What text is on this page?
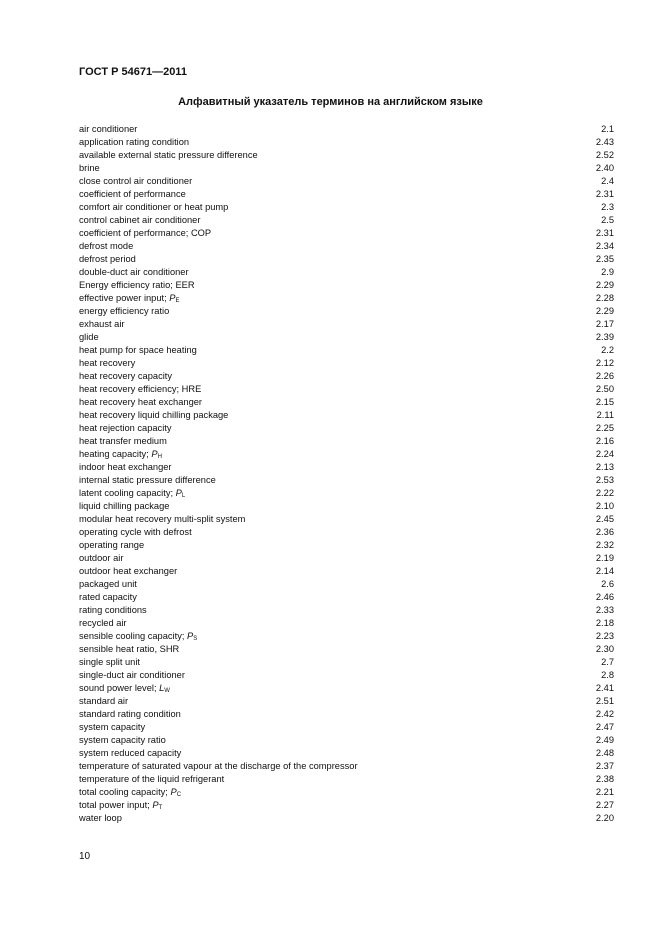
ГОСТ Р 54671—2011
Алфавитный указатель терминов на английском языке
air conditioner	2.1
application rating condition	2.43
available external static pressure difference	2.52
brine	2.40
close control air conditioner	2.4
coefficient of performance	2.31
comfort air conditioner or heat pump	2.3
control cabinet air conditioner	2.5
coefficient of performance; COP	2.31
defrost mode	2.34
defrost period	2.35
double-duct air conditioner	2.9
Energy efficiency ratio; EER	2.29
effective power input; $P_E$	2.28
energy efficiency ratio	2.29
exhaust air	2.17
glide	2.39
heat pump for space heating	2.2
heat recovery	2.12
heat recovery capacity	2.26
heat recovery efficiency; HRE	2.50
heat recovery heat exchanger	2.15
heat recovery liquid chilling package	2.11
heat rejection capacity	2.25
heat transfer medium	2.16
heating capacity; $P_H$	2.24
indoor heat exchanger	2.13
internal static pressure difference	2.53
latent cooling capacity; $P_L$	2.22
liquid chilling package	2.10
modular heat recovery multi-split system	2.45
operating cycle with defrost	2.36
operating range	2.32
outdoor air	2.19
outdoor heat exchanger	2.14
packaged unit	2.6
rated capacity	2.46
rating conditions	2.33
recycled air	2.18
sensible cooling capacity; $P_S$	2.23
sensible heat ratio, SHR	2.30
single split unit	2.7
single-duct air conditioner	2.8
sound power level; $L_W$	2.41
standard air	2.51
standard rating condition	2.42
system capacity	2.47
system capacity ratio	2.49
system reduced capacity	2.48
temperature of saturated vapour at the discharge of the compressor	2.37
temperature of the liquid refrigerant	2.38
total cooling capacity; $P_C$	2.21
total power input; $P_T$	2.27
water loop	2.20
10
